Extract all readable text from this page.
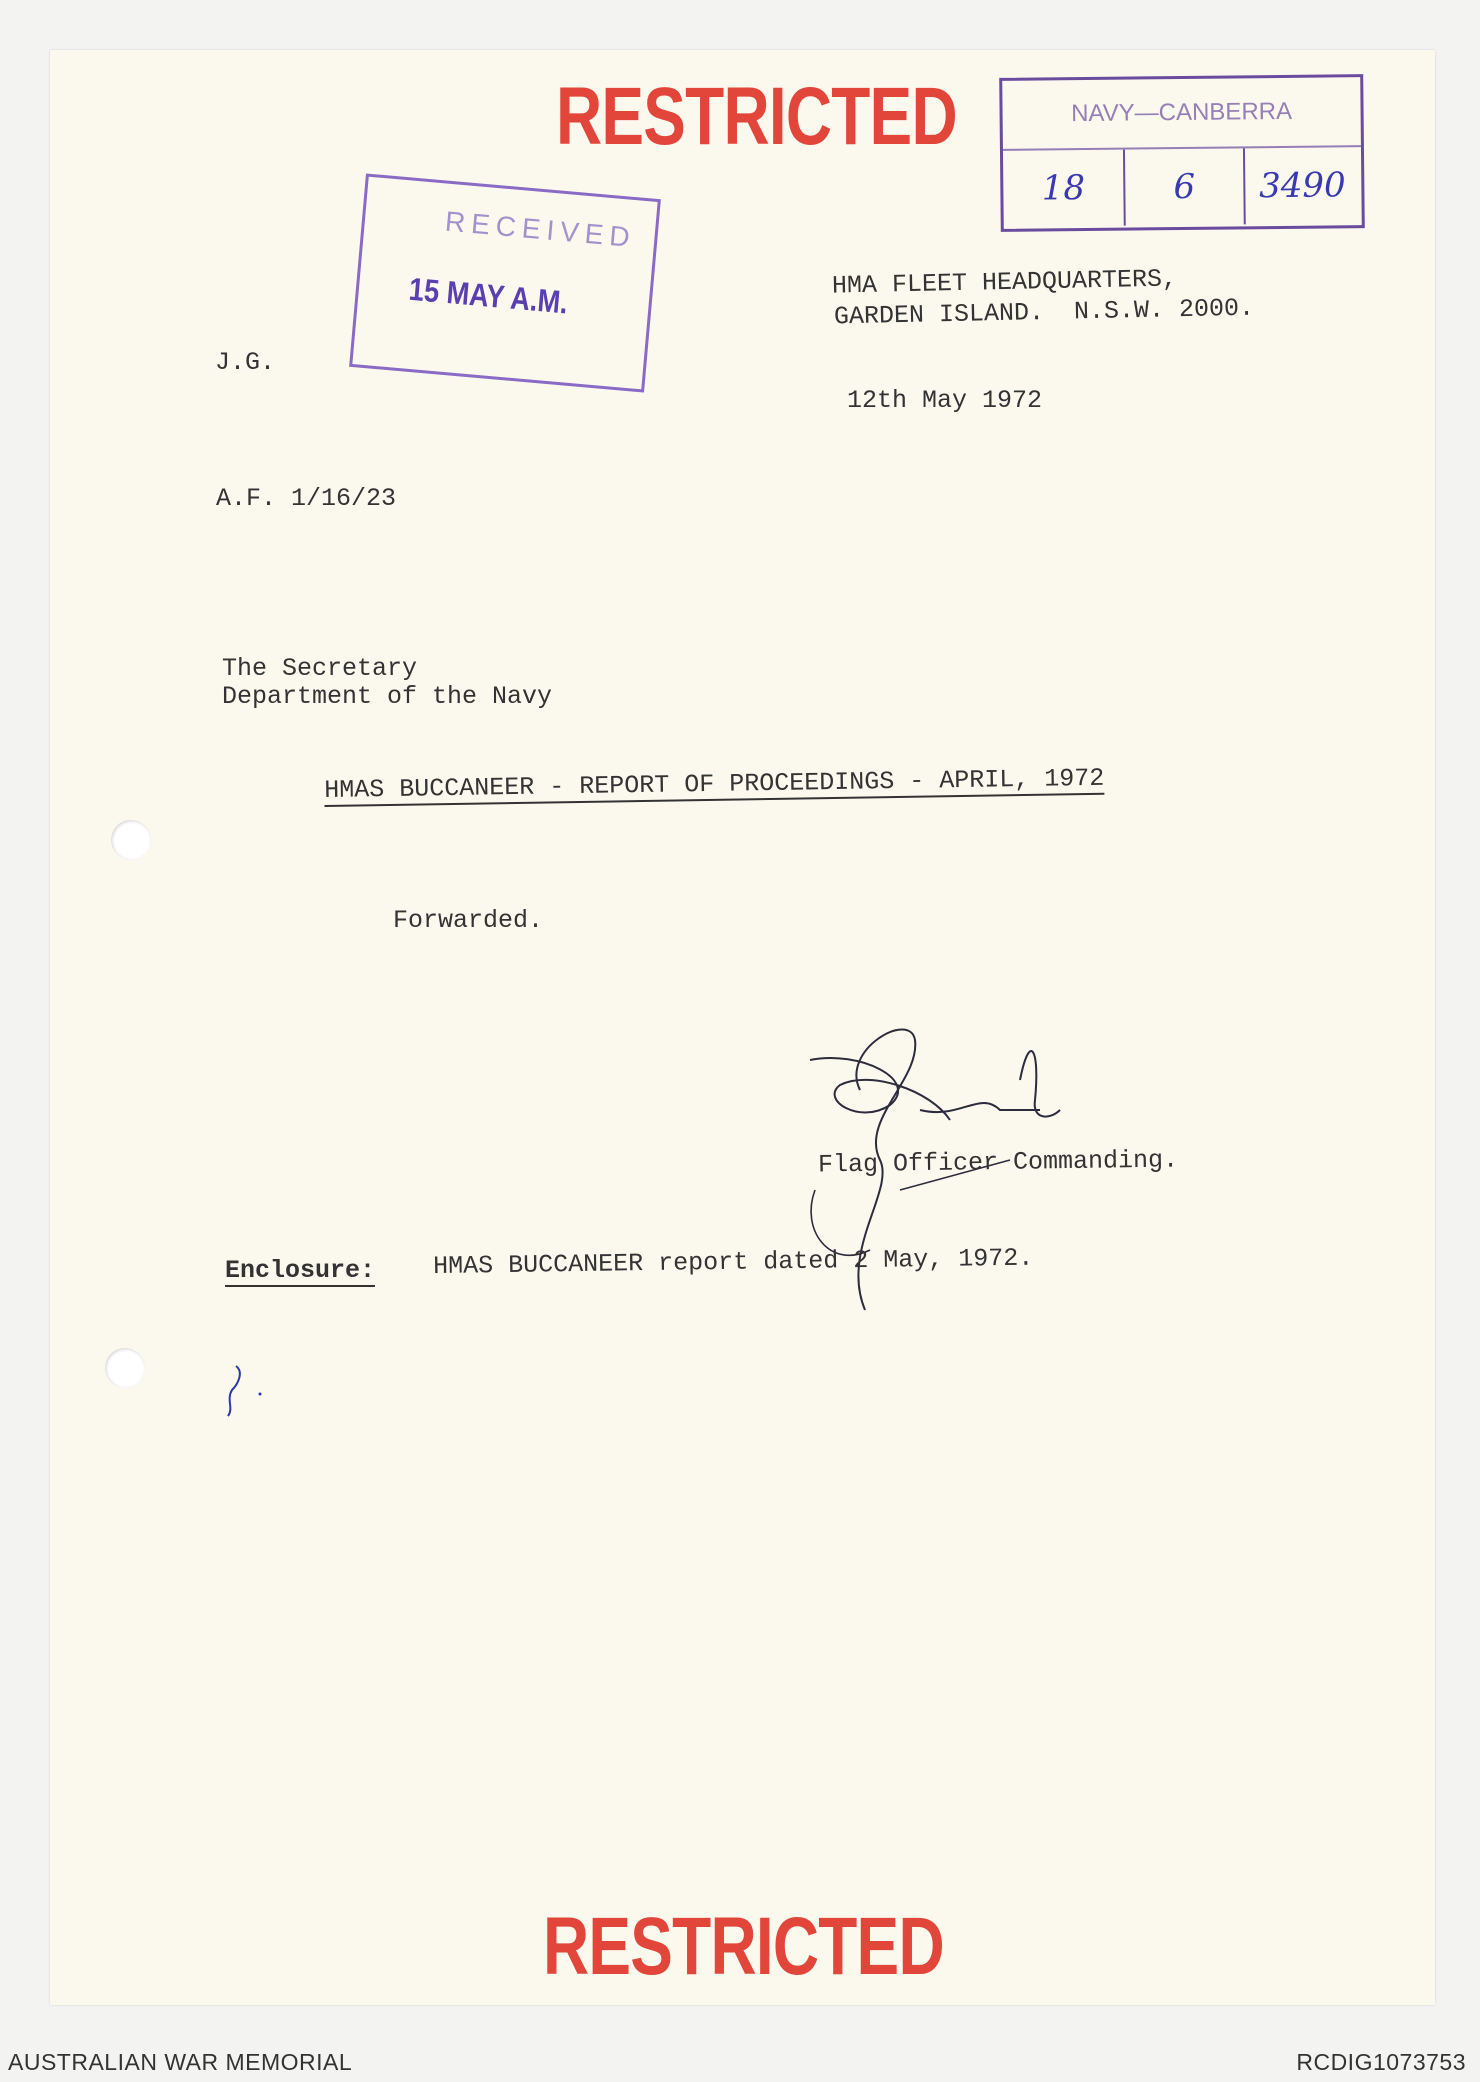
RESTRICTED	NAVY—CANBERRA
18	6	3490
RECEIVED
15 MAY A.M.
J.G.
HMA FLEET HEADQUARTERS,
GARDEN ISLAND.  N.S.W. 2000.
12th May 1972
A.F. 1/16/23
The Secretary
Department of the Navy
HMAS BUCCANEER - REPORT OF PROCEEDINGS - APRIL, 1972
Forwarded.
Flag Officer Commanding.
Enclosure: HMAS BUCCANEER report dated 2 May, 1972.
RESTRICTED
AUSTRALIAN WAR MEMORIAL	RCDIG1073753
